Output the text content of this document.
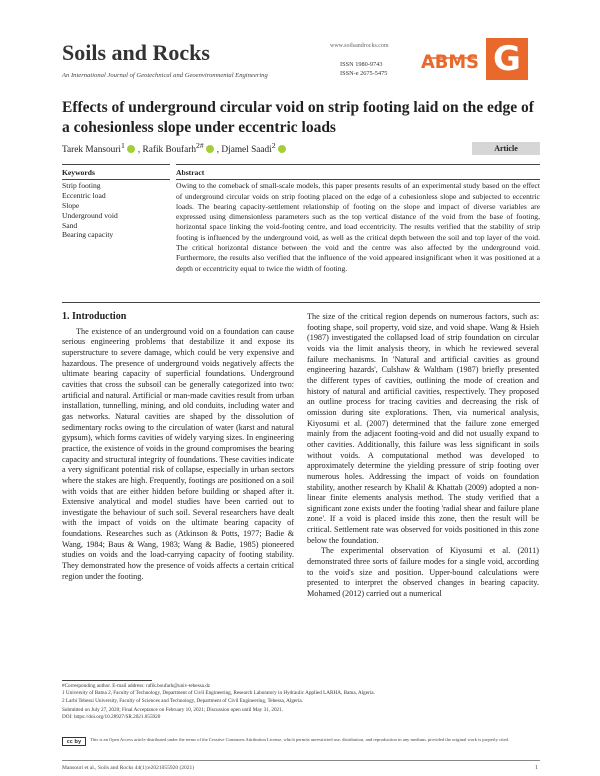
Soils and Rocks
An International Journal of Geotechnical and Geoenvironmental Engineering
www.soilsandrocks.com
ISSN 1980-9743
ISSN-e 2675-5475
ABMS G
Effects of underground circular void on strip footing laid on the edge of a cohesionless slope under eccentric loads
Tarek Mansouri$^1$ , Rafik Boufarh$^{2\#}$ , Djamel Saadi$^2$	Article
Keywords
Strip footing
Eccentric load
Slope
Underground void
Sand
Bearing capacity
Abstract
Owing to the comeback of small-scale models, this paper presents results of an experimental study based on the effect of underground circular voids on strip footing placed on the edge of a cohesionless slope and subjected to eccentric loads. The bearing capacity-settlement relationship of footing on the slope and impact of diverse variables are expressed using dimensionless parameters such as the top vertical distance of the void from the base of footing, horizontal space linking the void-footing centre, and load eccentricity. The results verified that the stability of strip footing is influenced by the underground void, as well as the critical depth between the soil and top layer of the void. The critical horizontal distance between the void and the centre was also affected by the underground void. Furthermore, the results also verified that the influence of the void appeared insignificant when it was positioned at a depth or eccentricity equal to twice the width of footing.
1. Introduction

The existence of an underground void on a foundation can cause serious engineering problems that destabilize it and expose its superstructure to severe damage, which could be very expensive and hazardous. The presence of underground voids negatively affects the ultimate bearing capacity of superficial foundations. Underground cavities that cross the subsoil can be generally categorized into two: artificial and natural. Artificial or man-made cavities result from urban installation, tunnelling, mining, and old conduits, including water and gas networks. Natural cavities are shaped by the dissolution of sedimentary rocks owing to the circulation of water (karst and natural gypsum), which forms cavities of widely varying sizes. In engineering practice, the existence of voids in the ground compromises the bearing capacity and structural integrity of foundations. These cavities indicate a very significant potential risk of collapse, especially in urban sectors where the stakes are high. Frequently, footings are positioned on a soil with voids that are either hidden before building or shaped after it. Extensive analytical and model studies have been carried out to investigate the behaviour of such soil. Several researchers have dealt with the impact of voids on the ultimate bearing capacity of foundations. Researches such as (Atkinson & Potts, 1977; Badie & Wang, 1984; Baus & Wang, 1983; Wang & Badie, 1985) pioneered studies on voids and the load-carrying capacity of footing stability. They demonstrated how the presence of voids affects a certain critical region under the footing.

The size of the critical region depends on numerous factors, such as: footing shape, soil property, void size, and void shape. Wang & Hsieh (1987) investigated the collapsed load of strip foundation on circular voids via the limit analysis theory, in which he reviewed several failure mechanisms. In 'Natural and artificial cavities as ground engineering hazards', Culshaw & Waltham (1987) briefly presented the different types of cavities, outlining the mode of creation and history of natural and artificial cavities, respectively. They proposed an outline process for tracing cavities and decreasing the risk of omission during site explorations. Then, via numerical analysis, Kiyosumi et al. (2007) determined that the failure zone emerged mainly from the adjacent footing-void and did not usually expand to other cavities. Additionally, this failure was less significant in soils without voids. A computational method was developed to approximately determine the yielding pressure of strip footing over numerous holes. Addressing the impact of voids on foundation stability, another research by Khalil & Khattab (2009) adopted a non-linear finite elements analysis method. The study verified that a significant zone exists under the footing 'radial shear and failure plane zone'. If a void is placed inside this zone, then the result will be critical. Settlement rate was observed for voids positioned in this zone below the foundation.

The experimental observation of Kiyosumi et al. (2011) demonstrated three sorts of failure modes for a single void, according to the void's size and position. Upper-bound calculations were presented to interpret the observed changes in bearing capacity. Mohamed (2012) carried out a numerical

#Corresponding author. E-mail address: rafik.boufarh@univ-tebessa.dz
1 University of Batna 2, Faculty of Technology, Department of Civil Engineering, Research Laboratory in Hydraulic Applied LARHA, Batna, Algeria.
2 Larbi Tebessi University, Faculty of Sciences and Technology, Department of Civil Engineering, Tebessa, Algeria.
Submitted on July 27, 2020; Final Acceptance on February 10, 2021; Discussion open until May 31, 2021.
DOI: https://doi.org/10.28927/SR.2021.055920
cc by	This is an Open Access article distributed under the terms of the Creative Commons Attribution License, which permits unrestricted use, distribution, and reproduction in any medium, provided the original work is properly cited.
Mansouri et al., Soils and Rocks 44(1):e2021055920 (2021)	1
